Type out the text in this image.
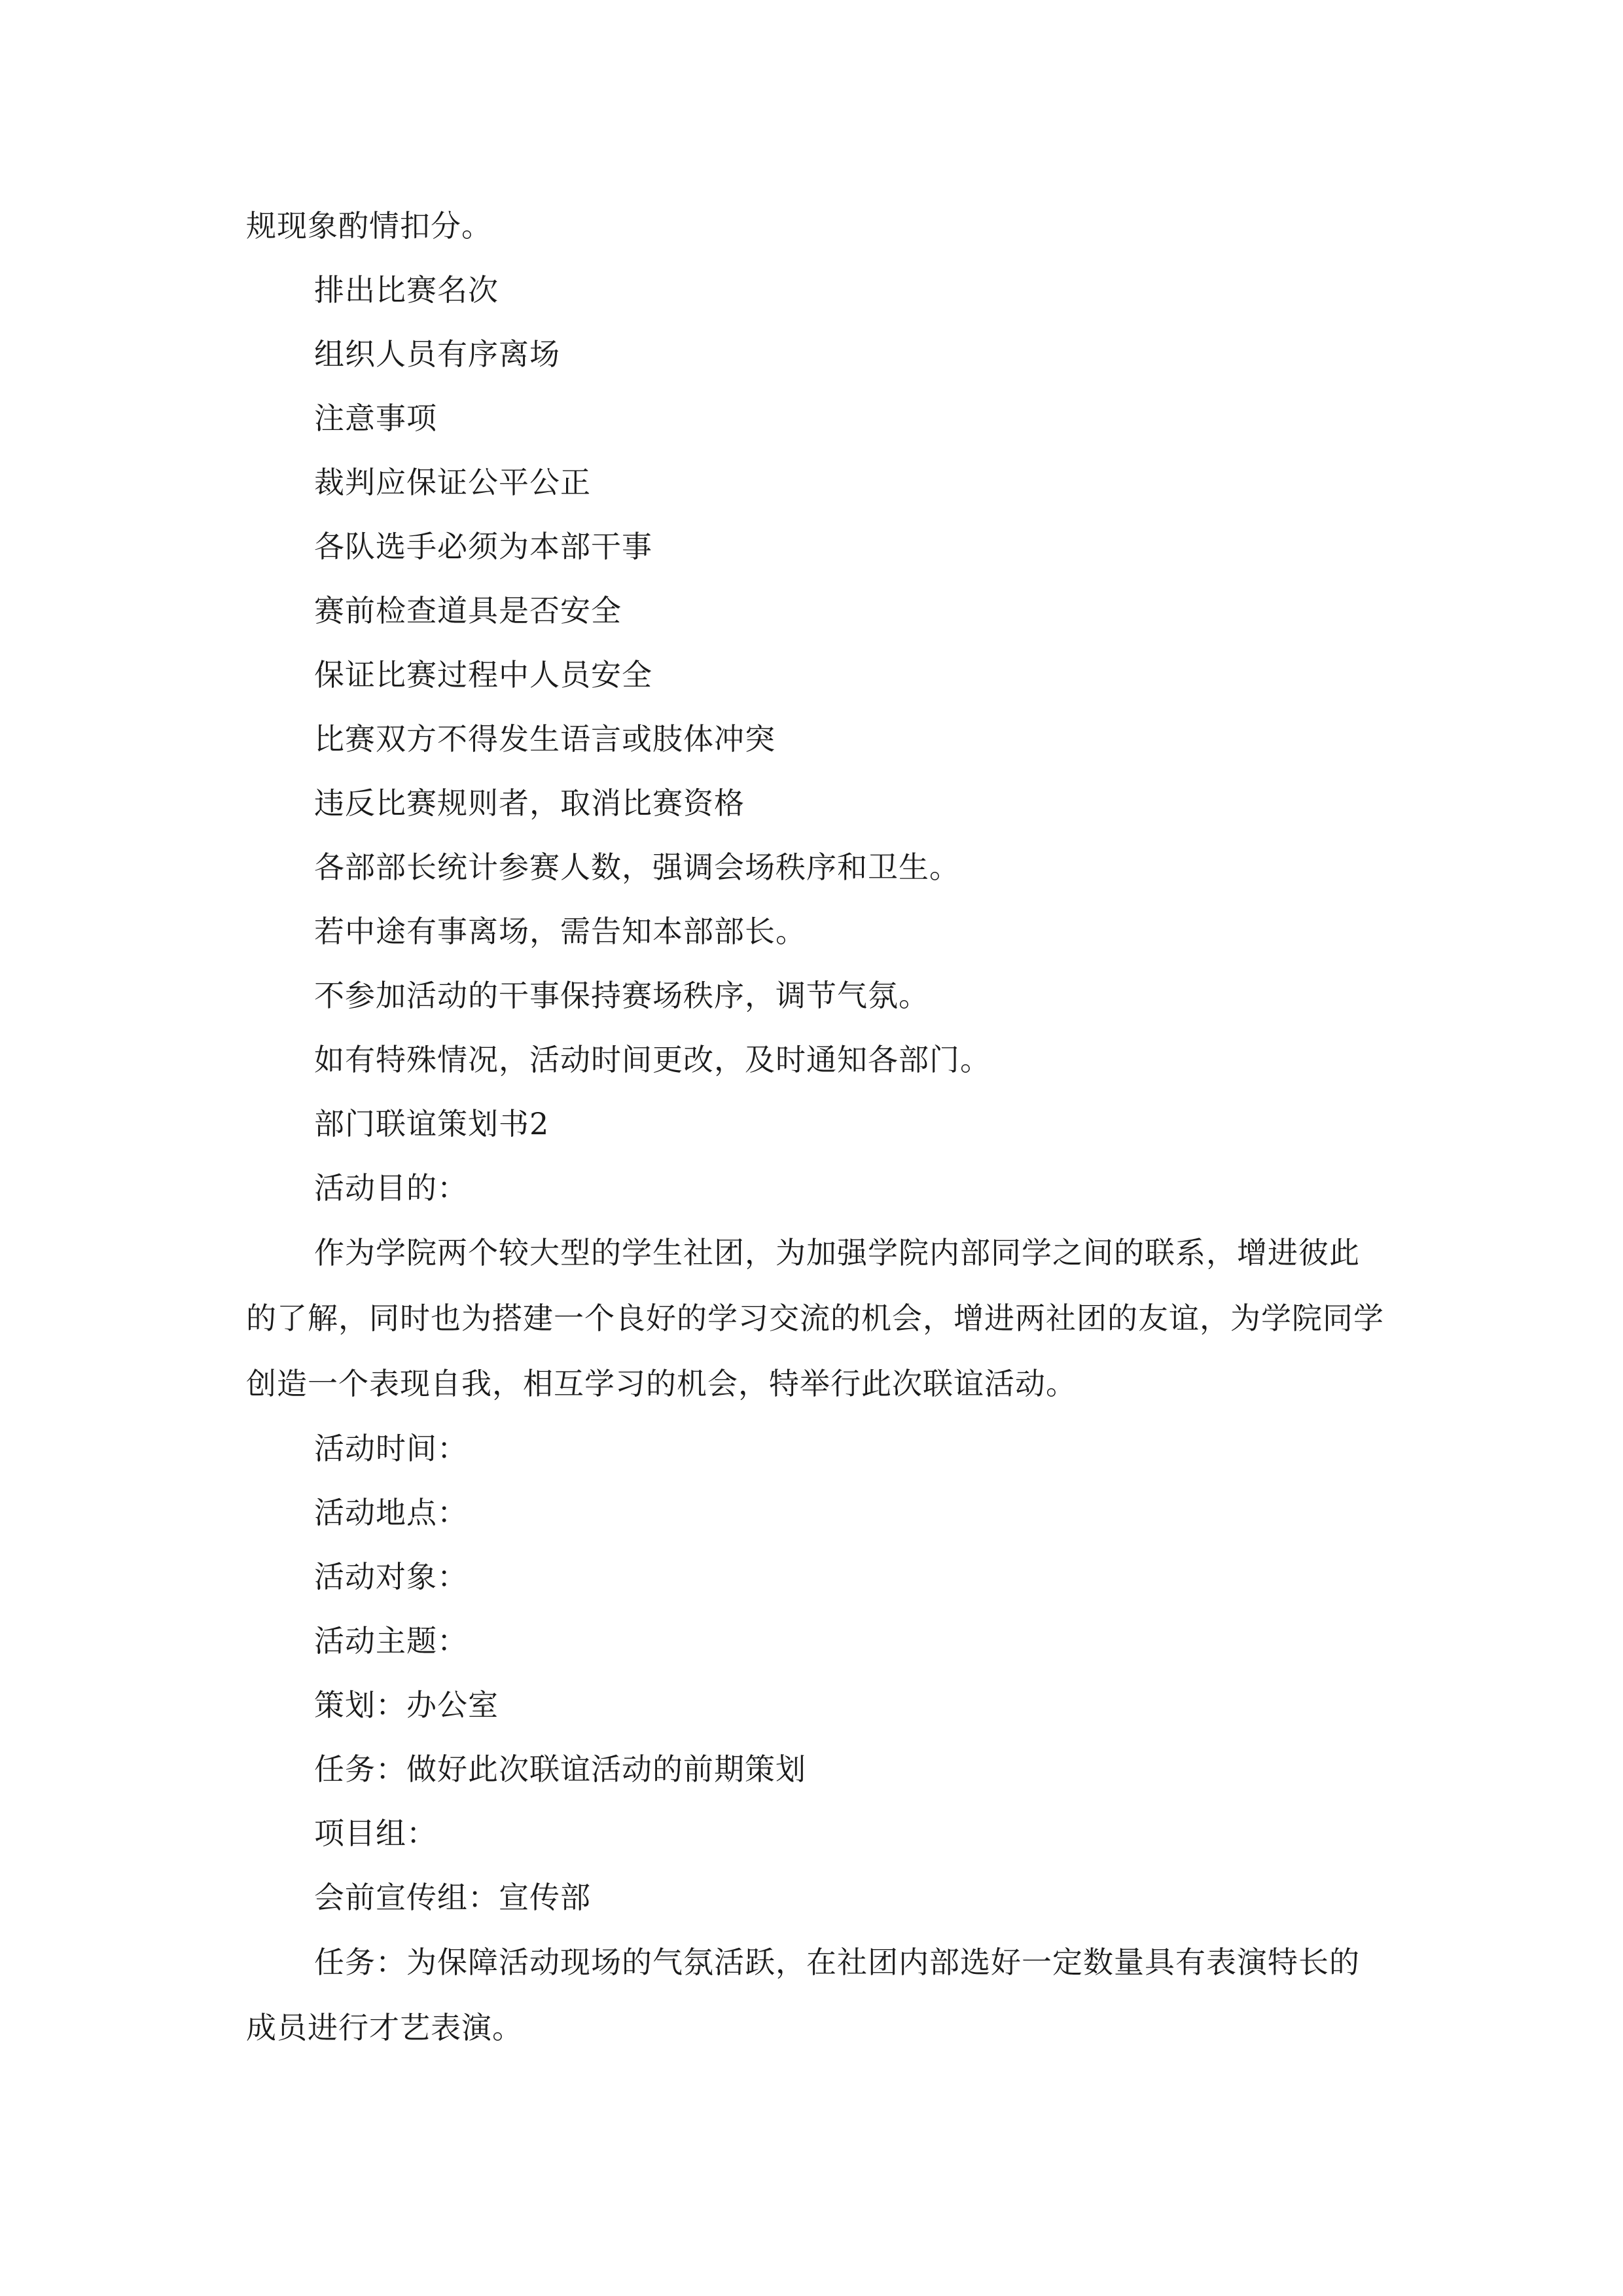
规现象酌情扣分。

排出比赛名次

组织人员有序离场

注意事项

裁判应保证公平公正

各队选手必须为本部干事

赛前检查道具是否安全

保证比赛过程中人员安全

比赛双方不得发生语言或肢体冲突

违反比赛规则者，取消比赛资格

各部部长统计参赛人数，强调会场秩序和卫生。

若中途有事离场，需告知本部部长。

不参加活动的干事保持赛场秩序，调节气氛。

如有特殊情况，活动时间更改，及时通知各部门。

部门联谊策划书2

活动目的：

作为学院两个较大型的学生社团，为加强学院内部同学之间的联系，增进彼此的了解，同时也为搭建一个良好的学习交流的机会，增进两社团的友谊，为学院同学创造一个表现自我，相互学习的机会，特举行此次联谊活动。

活动时间：

活动地点：

活动对象：

活动主题：

策划：办公室

任务：做好此次联谊活动的前期策划

项目组：

会前宣传组：宣传部

任务：为保障活动现场的气氛活跃，在社团内部选好一定数量具有表演特长的成员进行才艺表演。
